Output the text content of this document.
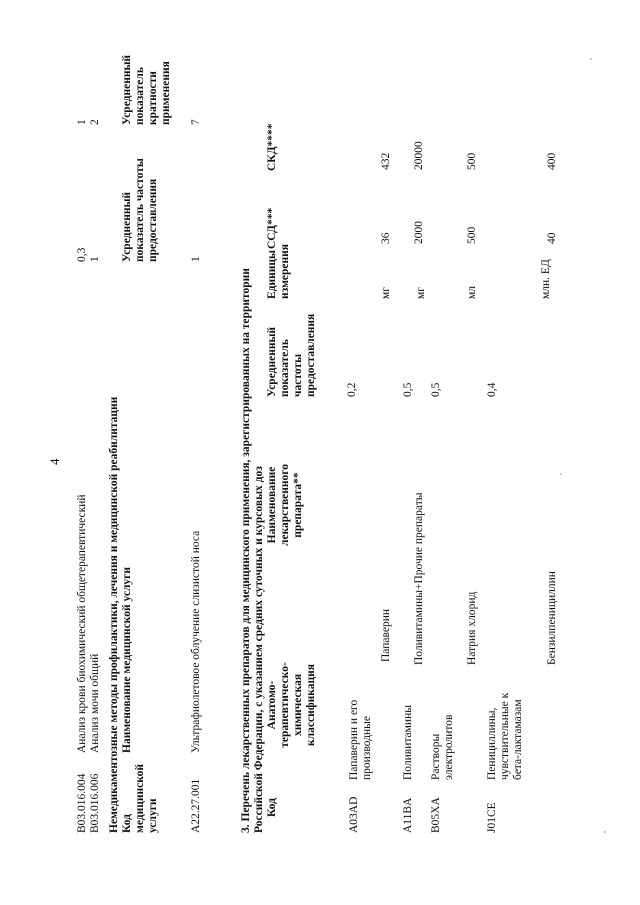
4
B03.016.004
Анализ крови биохимический общетерапевтический
0,3
1
B03.016.006
Анализ мочи общий
1
2
Немедикаментозные методы профилактики, лечения и медицинской реабилитации Код медицинской услуги
Наименование медицинской услуги
Усредненный показатель частоты предоставления
Усредненный показатель кратности применения
A22.27.001
Ультрафиолетовое облучение слизистой носа
1
7
3. Перечень лекарственных препаратов для медицинского применения, зарегистрированных на территории Российской Федерации, с указанием средних суточных и курсовых доз Код
Анатомо-терапевтическо-химическая классификация
Наименование лекарственного препарата**
Усредненный показатель частоты предоставления
Единицы измерения
ССД***
СКД****
A03AD
Папаверин и его производные
0,2
Папаверин
мг
36
432
A11BA
Поливитамины
0,5
Поливитамины+Прочие препараты
мг
2000
20000
B05XA
Растворы электролитов
0,5
Натрия хлорид
мл
500
500
J01CE
Пенициллины, чувствительные к бета-лактамазам
0,4
Бензилпенициллин
млн. ЕД
40
400
